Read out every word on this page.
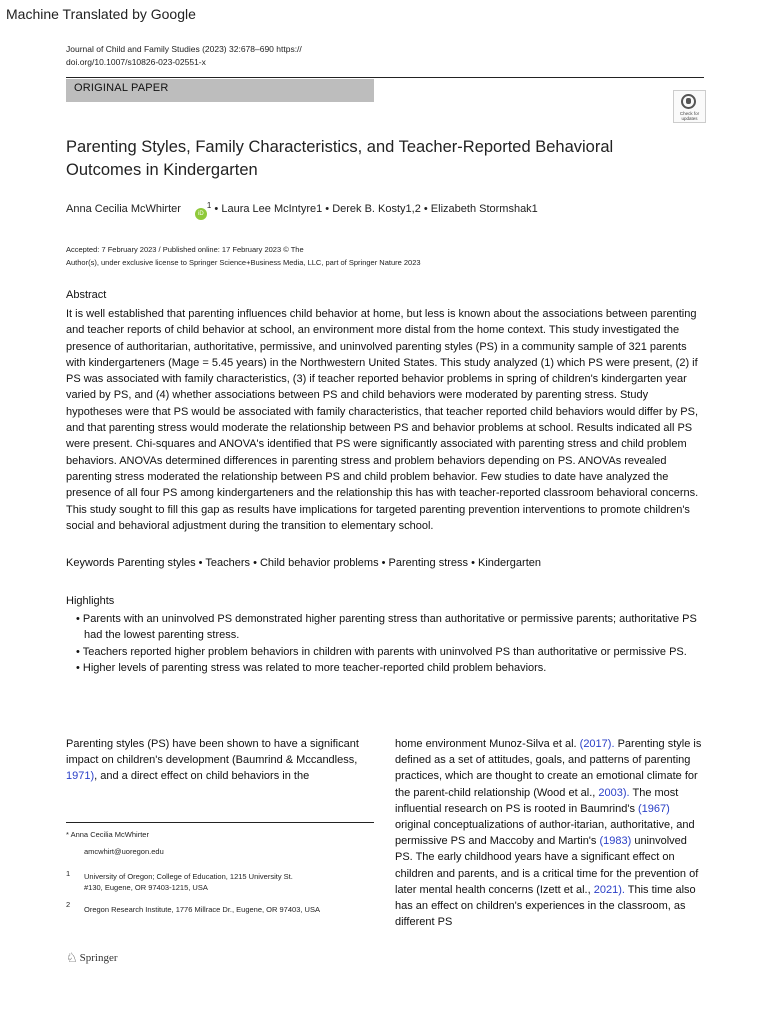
Machine Translated by Google
Journal of Child and Family Studies (2023) 32:678–690 https://
doi.org/10.1007/s10826-023-02551-x
ORIGINAL PAPER
Check for updates
Parenting Styles, Family Characteristics, and Teacher-Reported Behavioral Outcomes in Kindergarten
Anna Cecilia McWhirter	$iD^1$ • Laura Lee McIntyre1 • Derek B. Kosty1,2 • Elizabeth Stormshak1
Accepted: 7 February 2023 / Published online: 17 February 2023 © The
Author(s), under exclusive license to Springer Science+Business Media, LLC, part of Springer Nature 2023
Abstract
It is well established that parenting influences child behavior at home, but less is known about the associations between parenting and teacher reports of child behavior at school, an environment more distal from the home context. This study investigated the presence of authoritarian, authoritative, permissive, and uninvolved parenting styles (PS) in a community sample of 321 parents with kindergarteners (Mage = 5.45 years) in the Northwestern United States. This study analyzed (1) which PS were present, (2) if PS was associated with family characteristics, (3) if teacher reported behavior problems in spring of children's kindergarten year varied by PS, and (4) whether associations between PS and child behaviors were moderated by parenting stress. Study hypotheses were that PS would be associated with family characteristics, that teacher reported child behaviors would differ by PS, and that parenting stress would moderate the relationship between PS and behavior problems at school. Results indicated all PS were present. Chi-squares and ANOVA's identified that PS were significantly associated with parenting stress and child problem behaviors. ANOVAs determined differences in parenting stress and problem behaviors depending on PS. ANOVAs revealed parenting stress moderated the relationship between PS and child problem behavior. Few studies to date have analyzed the presence of all four PS among kindergarteners and the relationship this has with teacher-reported classroom behavioral concerns. This study sought to fill this gap as results have implications for targeted parenting prevention interventions to promote children's social and behavioral adjustment during the transition to elementary school.
Keywords Parenting styles • Teachers • Child behavior problems • Parenting stress • Kindergarten
Highlights

• Parents with an uninvolved PS demonstrated higher parenting stress than authoritative or permissive parents; authoritative PS had the lowest parenting stress.

• Teachers reported higher problem behaviors in children with parents with uninvolved PS than authoritative or permissive PS.

• Higher levels of parenting stress was related to more teacher-reported child problem behaviors.

Parenting styles (PS) have been shown to have a significant impact on children's development (Baumrind & Mccandless, 1971), and a direct effect on child behaviors in the
home environment Munoz-Silva et al. (2017). Parenting style is defined as a set of attitudes, goals, and patterns of parenting practices, which are thought to create an emotional climate for the parent-child relationship (Wood et al., 2003). The most influential research on PS is rooted in Baumrind's (1967) original conceptualizations of author-itarian, authoritative, and permissive PS and Maccoby and Martin's (1983) uninvolved PS. The early childhood years have a significant effect on children and parents, and is a critical time for the prevention of later mental health concerns (Izett et al., 2021). This time also has an effect on children's experiences in the classroom, as different PS
* Anna Cecilia McWhirter
amcwhirt@uoregon.edu
1 University of Oregon; College of Education, 1215 University St.
#130, Eugene, OR 97403-1215, USA
2
Oregon Research Institute, 1776 Millrace Dr., Eugene, OR 97403, USA
♘ Springer
